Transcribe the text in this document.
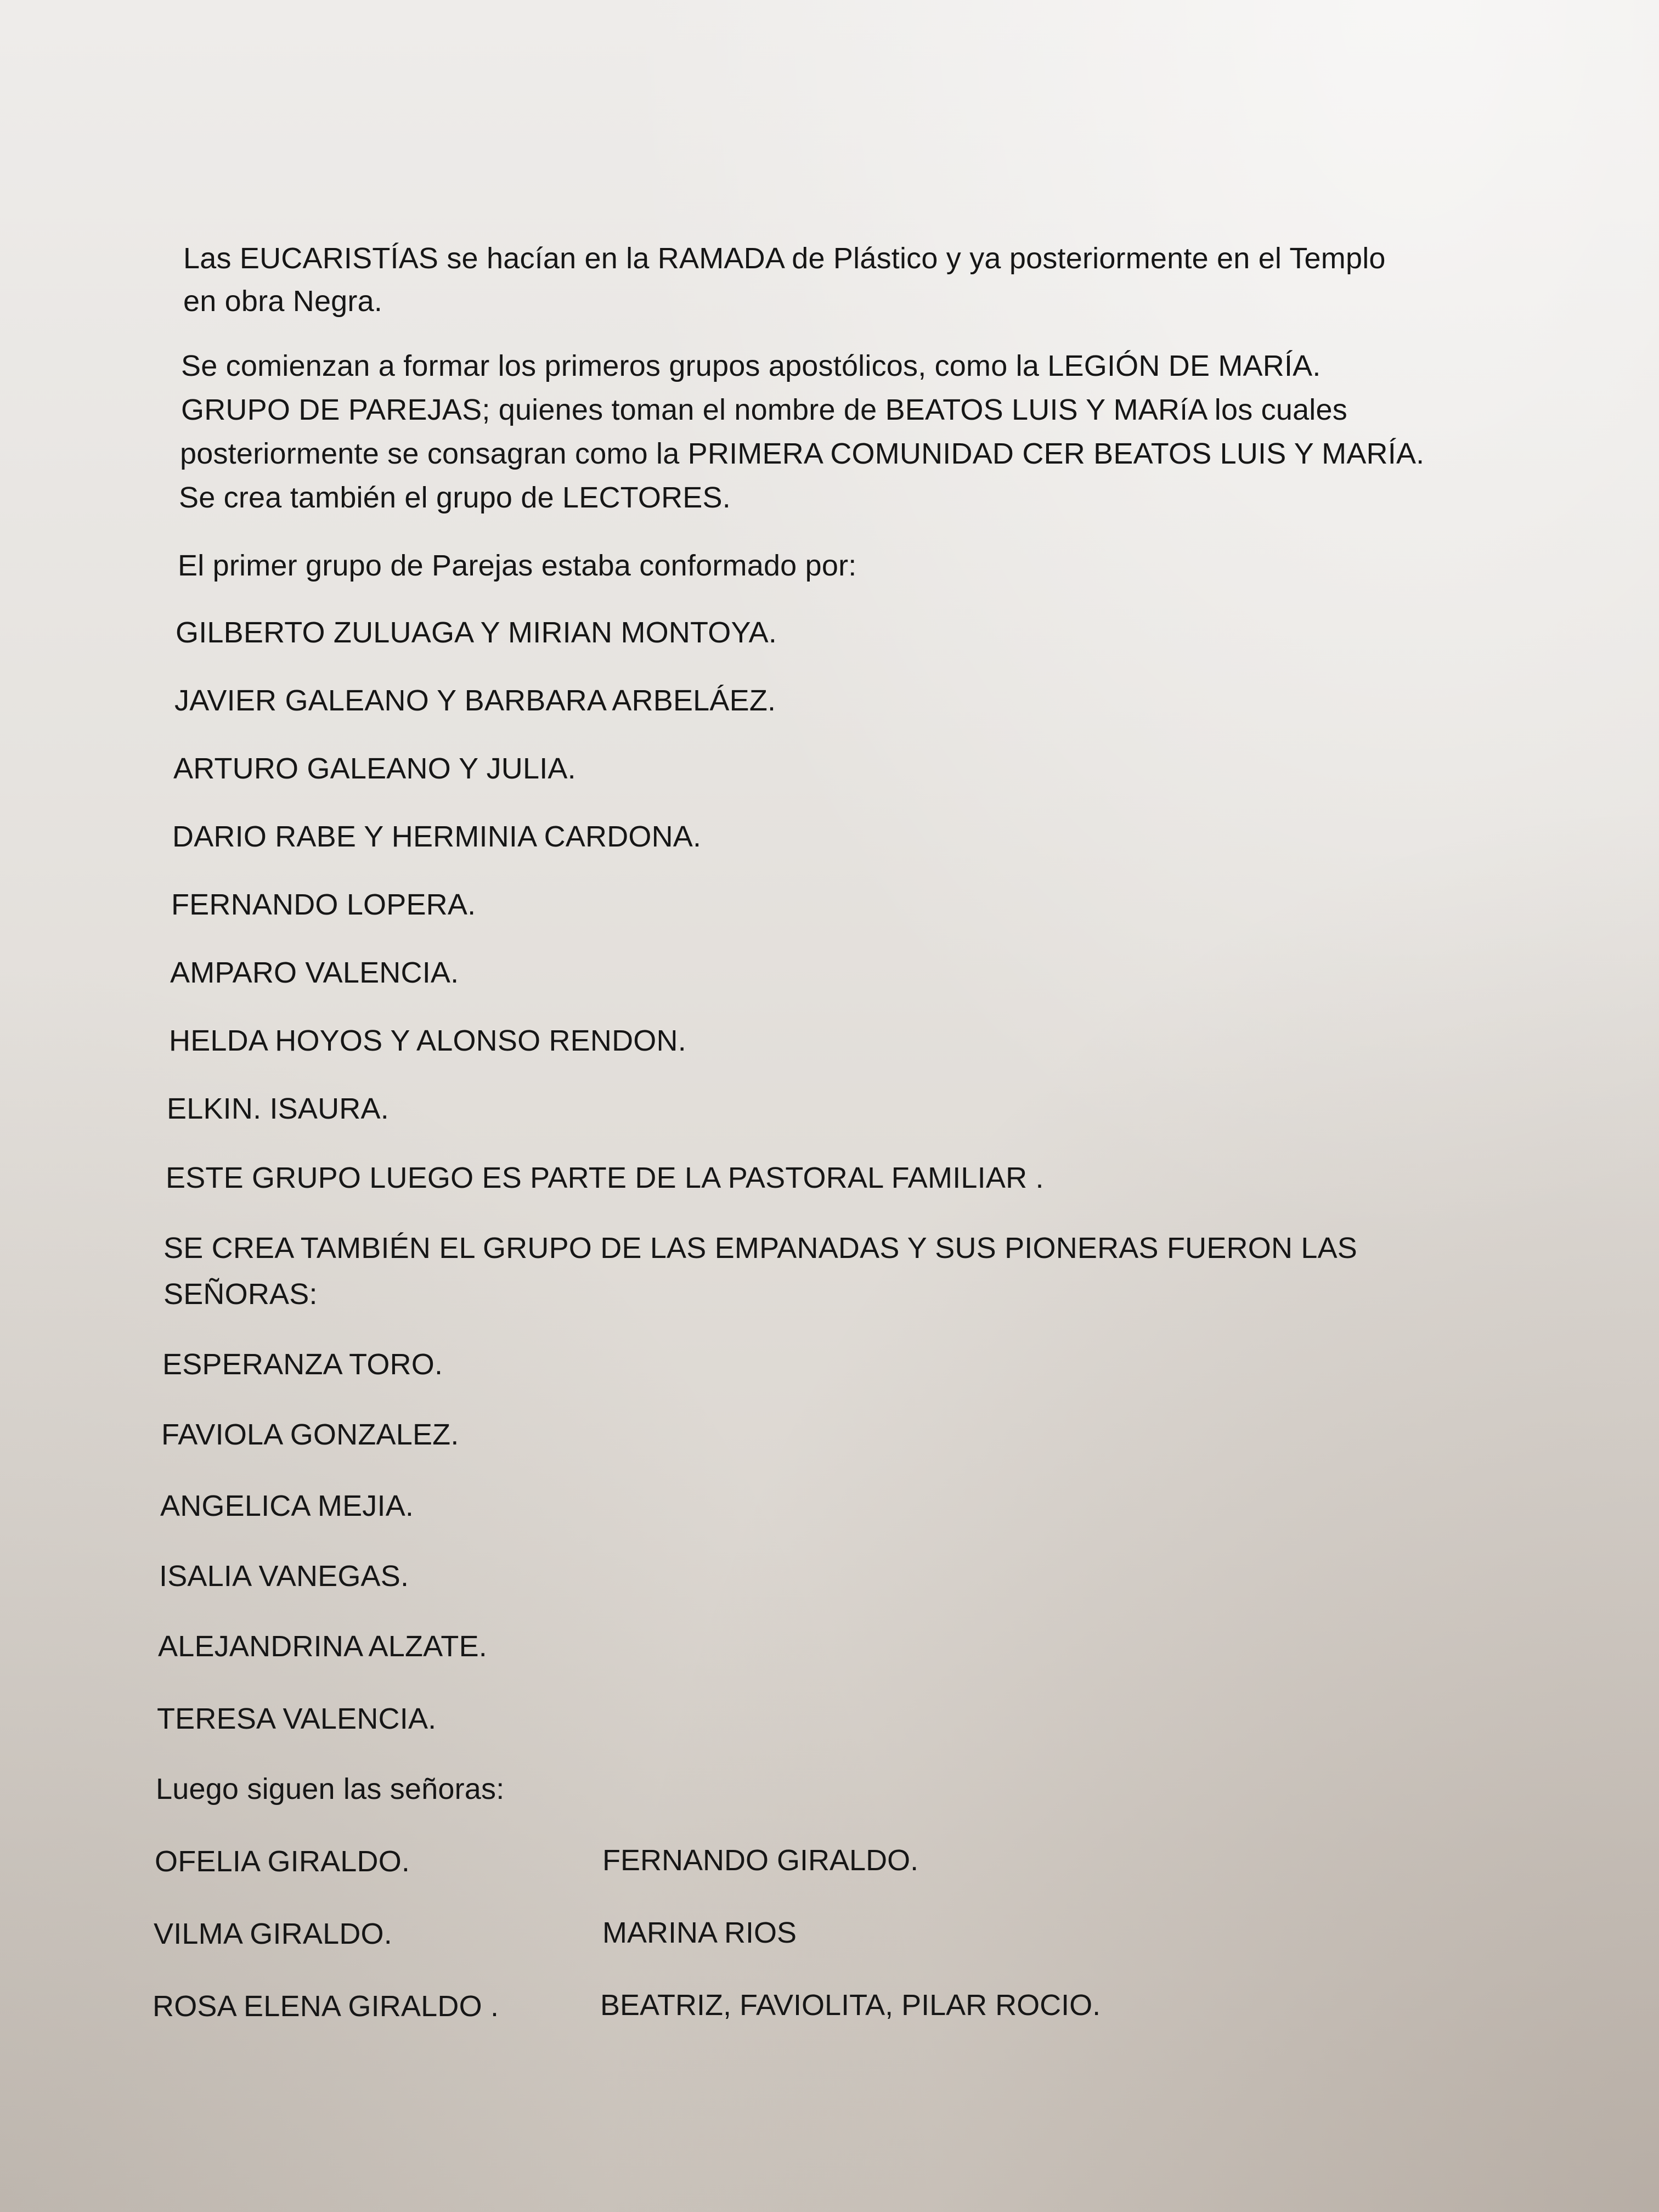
Las EUCARISTÍAS se hacían en la RAMADA de Plástico y ya posteriormente en el Templo

en obra Negra.

Se comienzan a formar los primeros grupos apostólicos, como la LEGIÓN DE MARÍA.

GRUPO DE PAREJAS; quienes toman el nombre de BEATOS LUIS Y MARíA los cuales

posteriormente se consagran como la PRIMERA COMUNIDAD CER BEATOS LUIS Y MARÍA.

Se crea también el grupo de LECTORES.

El primer grupo de Parejas estaba conformado por:

GILBERTO ZULUAGA Y MIRIAN MONTOYA.

JAVIER GALEANO Y BARBARA ARBELÁEZ.

ARTURO GALEANO Y JULIA.

DARIO RABE Y HERMINIA CARDONA.

FERNANDO LOPERA.

AMPARO VALENCIA.

HELDA HOYOS Y ALONSO RENDON.

ELKIN. ISAURA.

ESTE GRUPO LUEGO ES PARTE DE LA PASTORAL FAMILIAR .

SE CREA TAMBIÉN EL GRUPO DE LAS EMPANADAS Y SUS PIONERAS FUERON LAS

SEÑORAS:

ESPERANZA TORO.

FAVIOLA GONZALEZ.

ANGELICA MEJIA.

ISALIA VANEGAS.

ALEJANDRINA ALZATE.

TERESA VALENCIA.

Luego siguen las señoras:

OFELIA GIRALDO.

VILMA GIRALDO.

ROSA ELENA GIRALDO .

FERNANDO GIRALDO.

MARINA RIOS

BEATRIZ, FAVIOLITA, PILAR ROCIO.
